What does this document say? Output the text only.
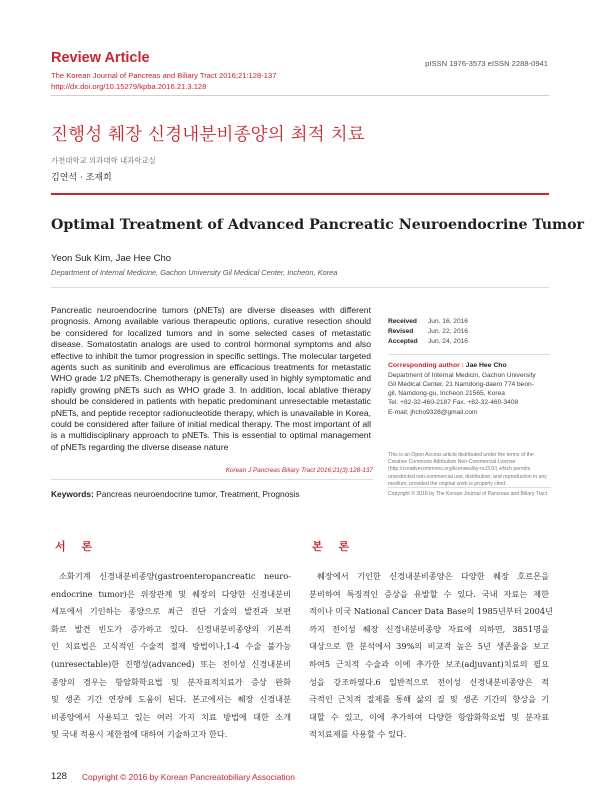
Review Article
The Korean Journal of Pancreas and Biliary Tract 2016;21:128-137
http://dx.doi.org/10.15279/kpba.2016.21.3.128
pISSN 1976-3573 eISSN 2288-0941
진행성 췌장 신경내분비종양의 최적 치료
가천대학교 의과대학 내과학교실
김연석 · 조재희
Optimal Treatment of Advanced Pancreatic Neuroendocrine Tumor
Yeon Suk Kim, Jae Hee Cho
Department of Internal Medicine, Gachon University Gil Medical Center, Incheon, Korea
Pancreatic neuroendocrine tumors (pNETs) are diverse diseases with different prognosis. Among available various therapeutic options, curative resection should be considered for localized tumors and in some selected cases of metastatic disease. Somatostatin analogs are used to control hormonal symptoms and also effective to inhibit the tumor progression in specific settings. The molecular targeted agents such as sunitinib and everolimus are efficacious treatments for metastatic WHO grade 1/2 pNETs. Chemotherapy is generally used in highly symptomatic and rapidly growing pNETs such as WHO grade 3. In addition, local ablative therapy should be considered in patients with hepatic predominant unresectable metastatic pNETs, and peptide receptor radionucleotide therapy, which is unavailable in Korea, could be considered after failure of initial medical therapy. The most important of all is a multidisciplinary approach to pNETs. This is essential to optimal management of pNETs regarding the diverse disease nature
Korean J Pancreas Biliary Tract 2016;21(3):128-137
Keywords: Pancreas neuroendocrine tumor, Treatment, Prognosis
Received	Jun. 16, 2016
Revised	Jun. 22, 2016
Accepted	Jun. 24, 2016
Corresponding author : Jae Hee Cho
Department of Internal Medicin, Gachon University
Gil Medical Center, 21 Namdong-daero 774 beon-
gil, Namdong-gu, Incheon 21565, Korea
Tel. +82-32-460-2187 Fax. +82-32-460-3408
E-mail; jhcho9328@gmail.com
This is an Open Access article distributed under the terms of the Creative Commons Attribution Non-Commercial License (http://creativecommons.org/licenses/by-nc/3.0/) which permits unrestricted non-commercial use, distribution, and reproduction in any medium, provided the original work is properly cited.
Copyright © 2016 by The Korean Journal of Pancreas and Biliary Tract
서 론	본 론
소화기계 신경내분비종양(gastroenteropancreatic neuro-
endocrine tumor)은 위장관계 및 췌장의 다양한 신경내분비
세포에서 기인하는 종양으로 최근 진단 기술의 발전과 보편
화로 발견 빈도가 증가하고 있다. 신경내분비종양의 기본적
인 치료법은 고식적인 수술적 절제 방법이나,1-4 수술 불가능
(unresectable)한 진행성(advanced) 또는 전이성 신경내분비
종양의 경우는 항암화학요법 및 분자표적치료가 증상 완화
및 생존 기간 연장에 도움이 된다. 본고에서는 췌장 신경내분
비종양에서 사용되고 있는 여러 가지 치료 방법에 대한 소개
및 국내 적용시 제한점에 대하여 기술하고자 한다.
췌장에서 기인한 신경내분비종양은 다양한 췌장 호르몬을
분비하여 특징적인 증상을 유발할 수 있다. 국내 자료는 제한
적이나 미국 National Cancer Data Base의 1985년부터 2004년
까지 전이성 췌장 신경내분비종양 자료에 의하면, 3851명을
대상으로 한 분석에서 39%의 비교적 높은 5년 생존율을 보고
하여5 근치적 수술과 이에 추가한 보조(adjuvant)치료의 필요
성을 강조하였다.6 일반적으로 전이성 신경내분비종양은 적
극적인 근치적 절제를 통해 삶의 질 및 생존 기간의 향상을 기
대할 수 있고, 이에 추가하여 다양한 항암화학요법 및 분자표
적치료제를 사용할 수 있다.
128 Copyright © 2016 by Korean Pancreatobiliary Association
